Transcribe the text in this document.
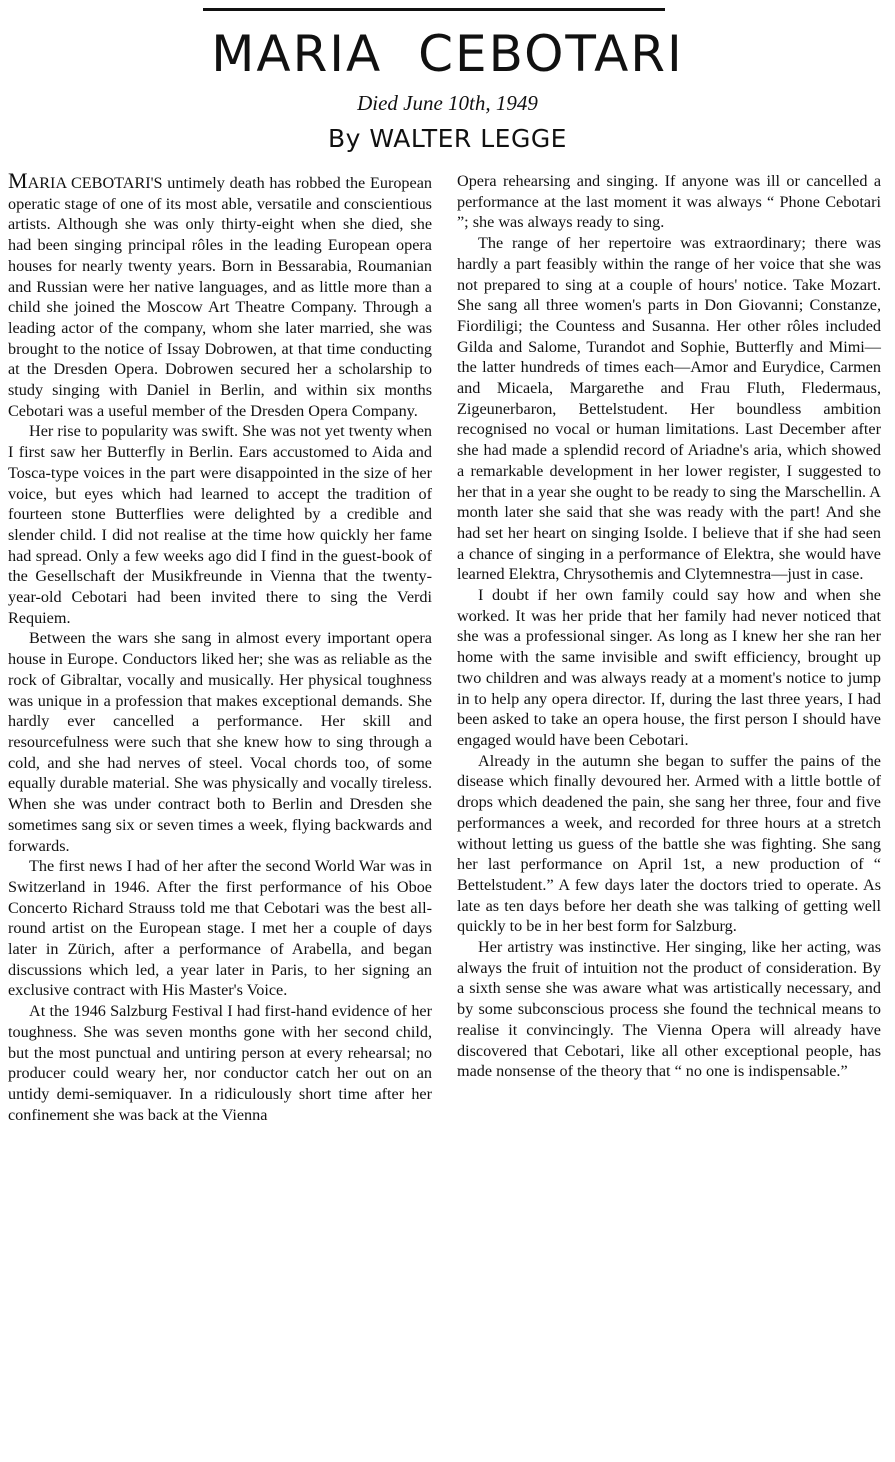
MARIA CEBOTARI
Died June 10th, 1949
By WALTER LEGGE

MARIA CEBOTARI'S untimely death has robbed the European operatic stage of one of its most able, versatile and conscientious artists. Although she was only thirty-eight when she died, she had been singing principal rôles in the leading European opera houses for nearly twenty years. Born in Bessarabia, Roumanian and Russian were her native languages, and as little more than a child she joined the Moscow Art Theatre Company. Through a leading actor of the company, whom she later married, she was brought to the notice of Issay Dobrowen, at that time conducting at the Dresden Opera. Dobrowen secured her a scholarship to study singing with Daniel in Berlin, and within six months Cebotari was a useful member of the Dresden Opera Company.

Her rise to popularity was swift. She was not yet twenty when I first saw her Butterfly in Berlin. Ears accustomed to Aida and Tosca-type voices in the part were disappointed in the size of her voice, but eyes which had learned to accept the tradition of fourteen stone Butterflies were delighted by a credible and slender child. I did not realise at the time how quickly her fame had spread. Only a few weeks ago did I find in the guest-book of the Gesellschaft der Musikfreunde in Vienna that the twenty-year-old Cebotari had been invited there to sing the Verdi Requiem.

Between the wars she sang in almost every important opera house in Europe. Conductors liked her; she was as reliable as the rock of Gibraltar, vocally and musically. Her physical toughness was unique in a profession that makes exceptional demands. She hardly ever cancelled a performance. Her skill and resourcefulness were such that she knew how to sing through a cold, and she had nerves of steel. Vocal chords too, of some equally durable material. She was physically and vocally tireless. When she was under contract both to Berlin and Dresden she sometimes sang six or seven times a week, flying backwards and forwards.

The first news I had of her after the second World War was in Switzerland in 1946. After the first performance of his Oboe Concerto Richard Strauss told me that Cebotari was the best all-round artist on the European stage. I met her a couple of days later in Zürich, after a performance of Arabella, and began discussions which led, a year later in Paris, to her signing an exclusive contract with His Master's Voice.

At the 1946 Salzburg Festival I had first-hand evidence of her toughness. She was seven months gone with her second child, but the most punctual and untiring person at every rehearsal; no producer could weary her, nor conductor catch her out on an untidy demi-semiquaver. In a ridiculously short time after her confinement she was back at the Vienna

Opera rehearsing and singing. If anyone was ill or cancelled a performance at the last moment it was always “ Phone Cebotari ”; she was always ready to sing.

The range of her repertoire was extraordinary; there was hardly a part feasibly within the range of her voice that she was not prepared to sing at a couple of hours' notice. Take Mozart. She sang all three women's parts in Don Giovanni; Constanze, Fiordiligi; the Countess and Susanna. Her other rôles included Gilda and Salome, Turandot and Sophie, Butterfly and Mimi—the latter hundreds of times each—Amor and Eurydice, Carmen and Micaela, Margarethe and Frau Fluth, Fledermaus, Zigeunerbaron, Bettelstudent. Her boundless ambition recognised no vocal or human limitations. Last December after she had made a splendid record of Ariadne's aria, which showed a remarkable development in her lower register, I suggested to her that in a year she ought to be ready to sing the Marschellin. A month later she said that she was ready with the part! And she had set her heart on singing Isolde. I believe that if she had seen a chance of singing in a performance of Elektra, she would have learned Elektra, Chrysothemis and Clytemnestra—just in case.

I doubt if her own family could say how and when she worked. It was her pride that her family had never noticed that she was a professional singer. As long as I knew her she ran her home with the same invisible and swift efficiency, brought up two children and was always ready at a moment's notice to jump in to help any opera director. If, during the last three years, I had been asked to take an opera house, the first person I should have engaged would have been Cebotari.

Already in the autumn she began to suffer the pains of the disease which finally devoured her. Armed with a little bottle of drops which deadened the pain, she sang her three, four and five performances a week, and recorded for three hours at a stretch without letting us guess of the battle she was fighting. She sang her last performance on April 1st, a new production of “ Bettelstudent.” A few days later the doctors tried to operate. As late as ten days before her death she was talking of getting well quickly to be in her best form for Salzburg.

Her artistry was instinctive. Her singing, like her acting, was always the fruit of intuition not the product of consideration. By a sixth sense she was aware what was artistically necessary, and by some subconscious process she found the technical means to realise it convincingly. The Vienna Opera will already have discovered that Cebotari, like all other exceptional people, has made nonsense of the theory that “ no one is indispensable.”
